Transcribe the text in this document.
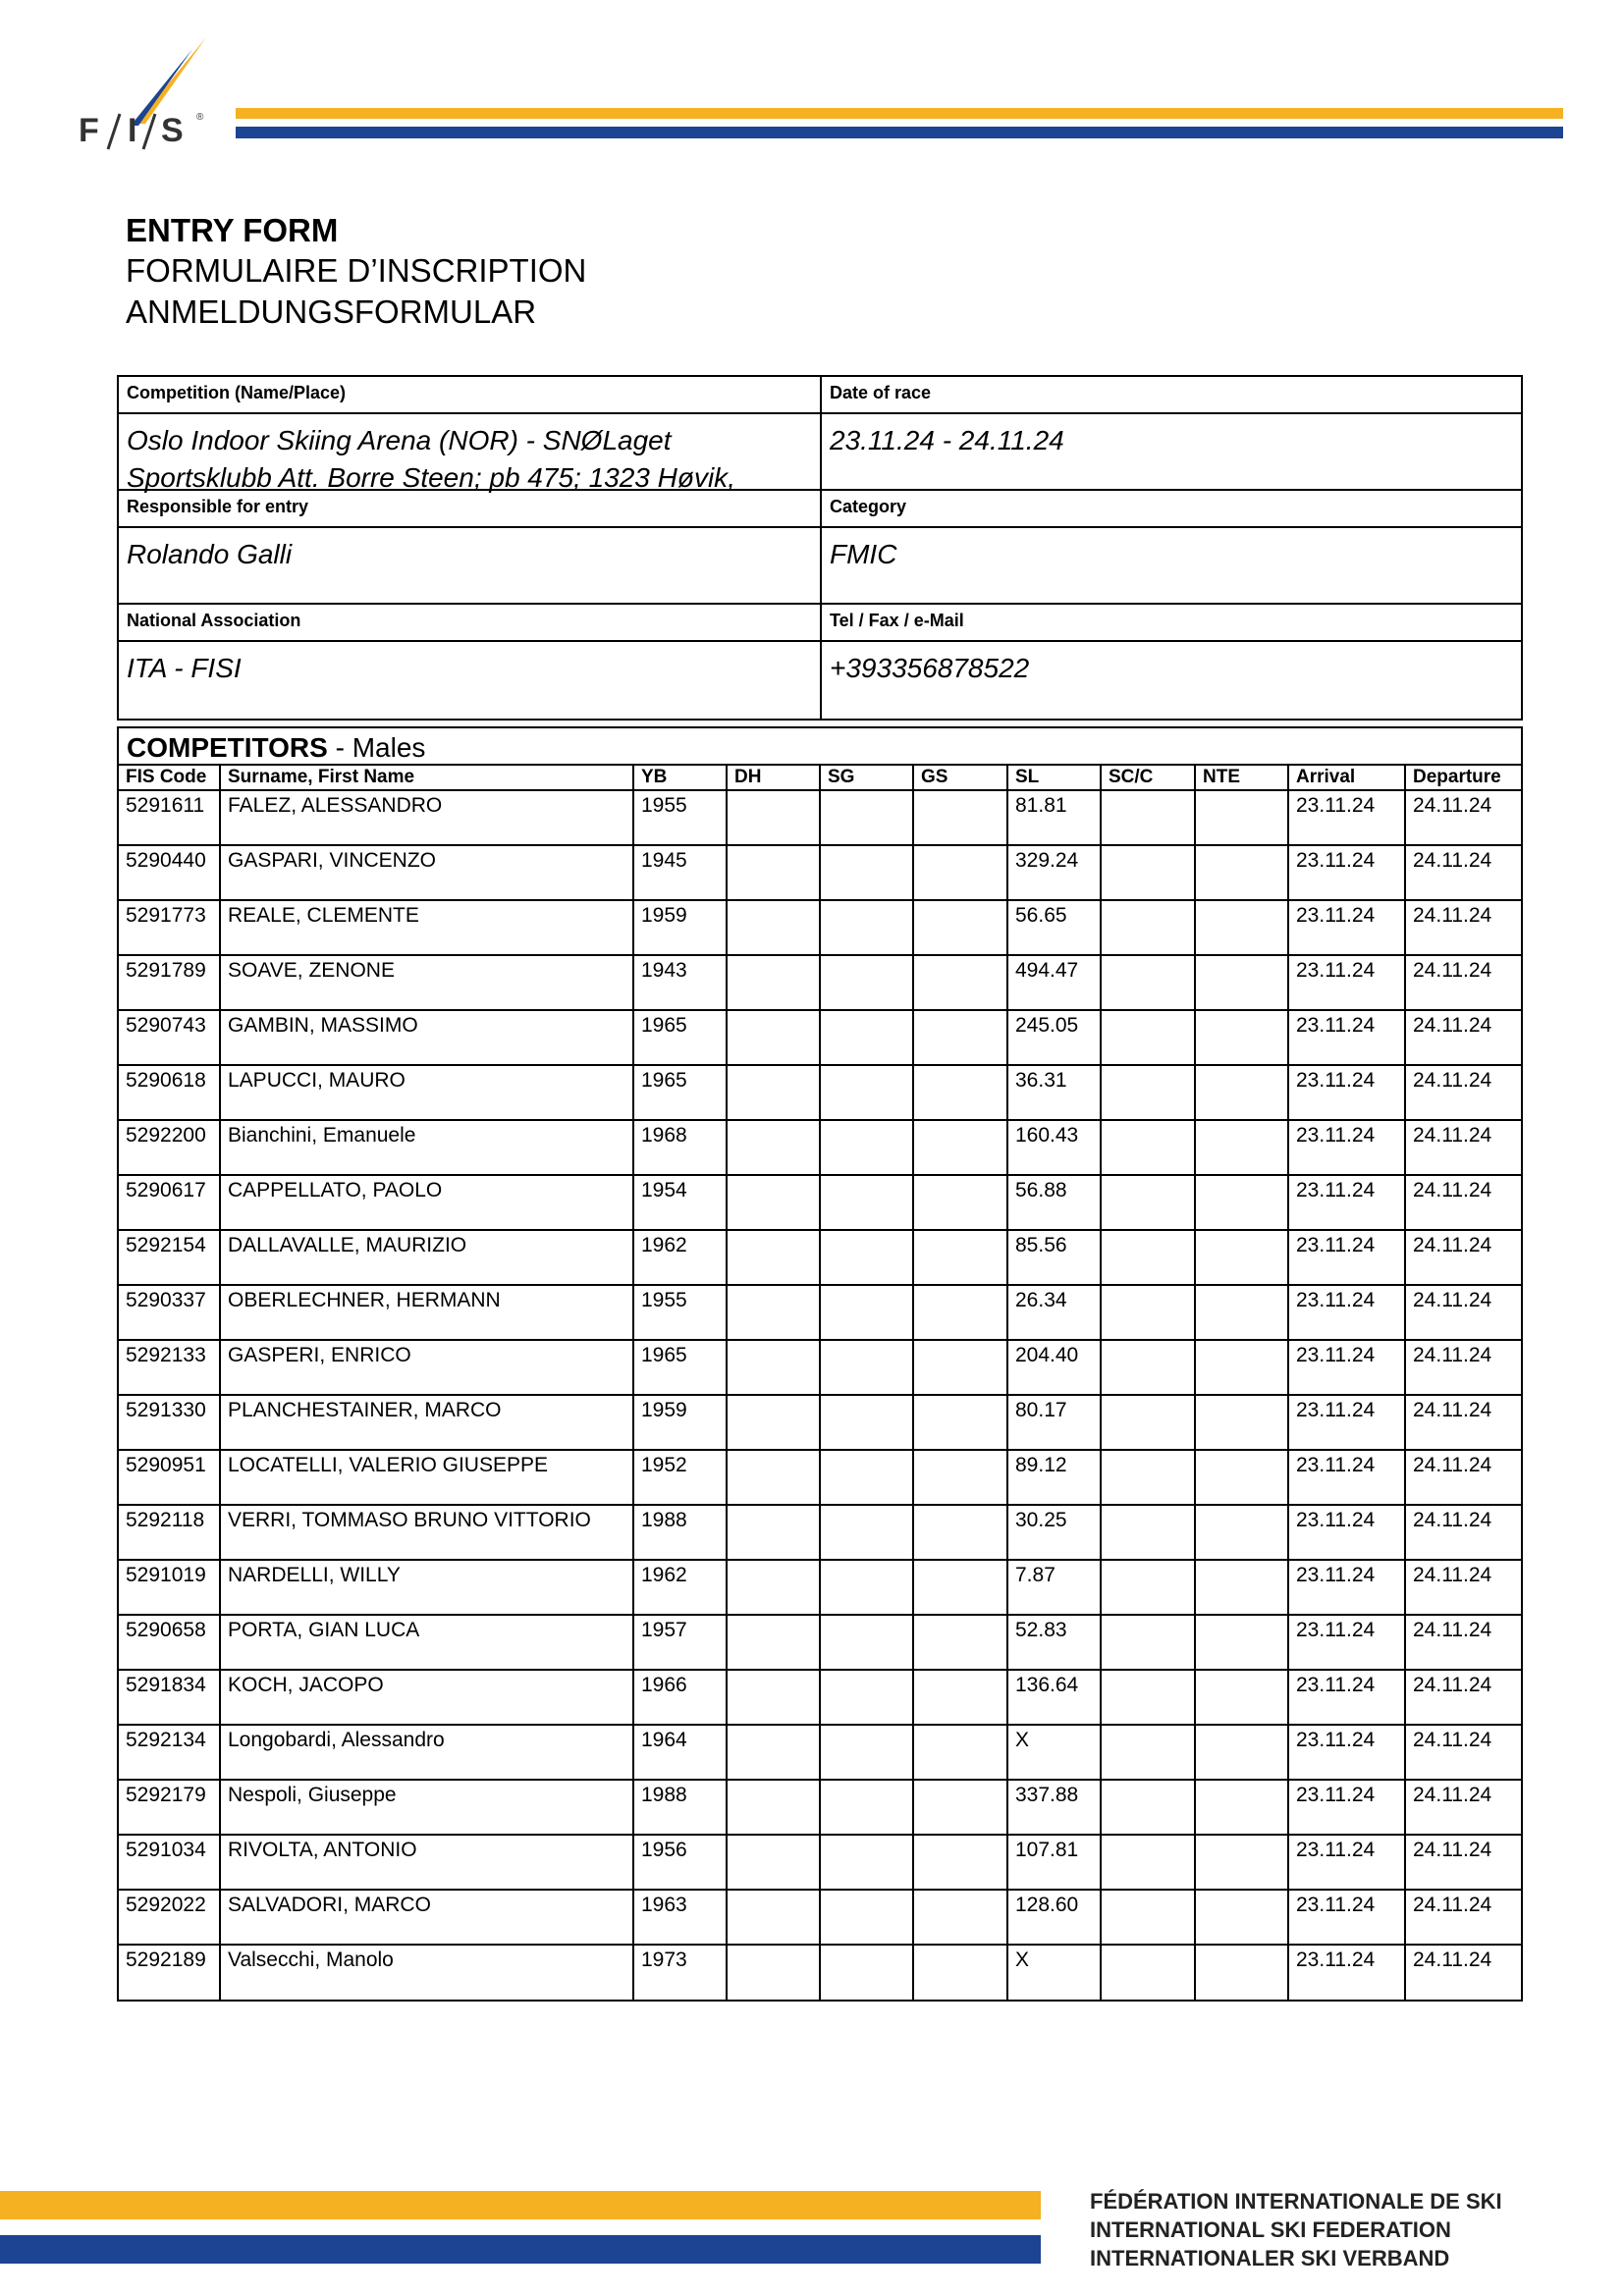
F I S ®
ENTRY FORM
FORMULAIRE D’INSCRIPTION
ANMELDUNGSFORMULAR
Competition (Name/Place)	Date of race
Oslo Indoor Skiing Arena (NOR) - SNØLaget
Sportsklubb Att. Borre Steen; pb 475; 1323 Høvik,
23.11.24 - 24.11.24
Responsible for entry	Category
Rolando Galli	FMIC
National Association	Tel / Fax / e-Mail
ITA - FISI	+393356878522
COMPETITORS - Males
FIS Code	Surname, First Name	YB	DH	SG	GS	SL	SC/C	NTE	Arrival	Departure
5291611	FALEZ, ALESSANDRO	1955				81.81			23.11.24	24.11.24
5290440	GASPARI, VINCENZO	1945				329.24			23.11.24	24.11.24
5291773	REALE, CLEMENTE	1959				56.65			23.11.24	24.11.24
5291789	SOAVE, ZENONE	1943				494.47			23.11.24	24.11.24
5290743	GAMBIN, MASSIMO	1965				245.05			23.11.24	24.11.24
5290618	LAPUCCI, MAURO	1965				36.31			23.11.24	24.11.24
5292200	Bianchini, Emanuele	1968				160.43			23.11.24	24.11.24
5290617	CAPPELLATO, PAOLO	1954				56.88			23.11.24	24.11.24
5292154	DALLAVALLE, MAURIZIO	1962				85.56			23.11.24	24.11.24
5290337	OBERLECHNER, HERMANN	1955				26.34			23.11.24	24.11.24
5292133	GASPERI, ENRICO	1965				204.40			23.11.24	24.11.24
5291330	PLANCHESTAINER, MARCO	1959				80.17			23.11.24	24.11.24
5290951	LOCATELLI, VALERIO GIUSEPPE	1952				89.12			23.11.24	24.11.24
5292118	VERRI, TOMMASO BRUNO VITTORIO	1988				30.25			23.11.24	24.11.24
5291019	NARDELLI, WILLY	1962				7.87			23.11.24	24.11.24
5290658	PORTA, GIAN LUCA	1957				52.83			23.11.24	24.11.24
5291834	KOCH, JACOPO	1966				136.64			23.11.24	24.11.24
5292134	Longobardi, Alessandro	1964				X			23.11.24	24.11.24
5292179	Nespoli, Giuseppe	1988				337.88			23.11.24	24.11.24
5291034	RIVOLTA, ANTONIO	1956				107.81			23.11.24	24.11.24
5292022	SALVADORI, MARCO	1963				128.60			23.11.24	24.11.24
5292189	Valsecchi, Manolo	1973				X			23.11.24	24.11.24
FÉDÉRATION INTERNATIONALE DE SKI
INTERNATIONAL SKI FEDERATION
INTERNATIONALER SKI VERBAND
